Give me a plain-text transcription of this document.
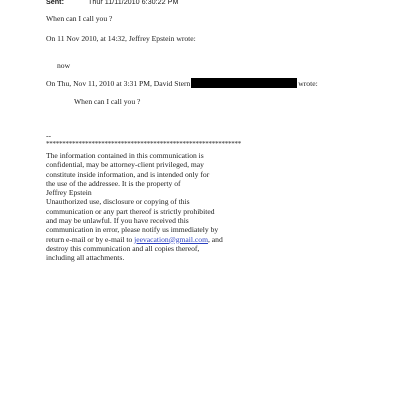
Sent:	Thur 11/11/2010 6:30:22 PM
When can I call you ?
On 11 Nov 2010, at 14:32, Jeffrey Epstein wrote:
now
On Thu, Nov 11, 2010 at 3:31 PM, David Stern	wrote:
When can I call you ?
--
************************************************************
The information contained in this communication is
confidential, may be attorney-client privileged, may
constitute inside information, and is intended only for
the use of the addressee. It is the property of
Jeffrey Epstein
Unauthorized use, disclosure or copying of this
communication or any part thereof is strictly prohibited
and may be unlawful. If you have received this
communication in error, please notify us immediately by
return e-mail or by e-mail to jeevacation@gmail.com, and
destroy this communication and all copies thereof,
including all attachments.
